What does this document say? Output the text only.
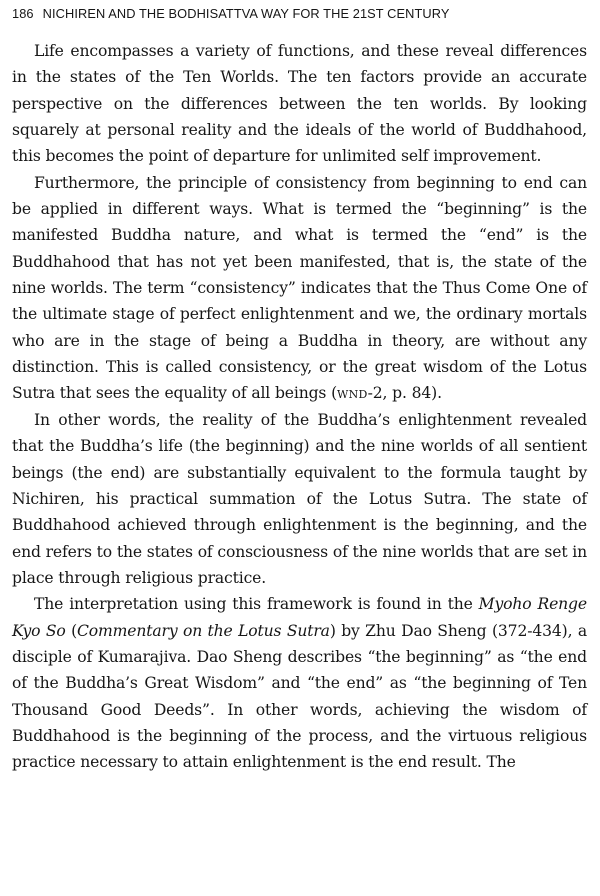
186 NICHIREN AND THE BODHISATTVA WAY FOR THE 21ST CENTURY

Life encompasses a variety of functions, and these reveal differences in the states of the Ten Worlds. The ten factors provide an accurate perspective on the differences between the ten worlds. By looking squarely at personal reality and the ideals of the world of Buddhahood, this becomes the point of departure for unlimited self improvement.

Furthermore, the principle of consistency from beginning to end can be applied in different ways. What is termed the “beginning” is the manifested Buddha nature, and what is termed the “end” is the Buddhahood that has not yet been manifested, that is, the state of the nine worlds. The term “consistency” indicates that the Thus Come One of the ultimate stage of perfect enlightenment and we, the ordinary mortals who are in the stage of being a Buddha in theory, are without any distinction. This is called consistency, or the great wisdom of the Lotus Sutra that sees the equality of all beings (wnd-2, p. 84).

In other words, the reality of the Buddha’s enlightenment revealed that the Buddha’s life (the beginning) and the nine worlds of all sentient beings (the end) are substantially equivalent to the formula taught by Nichiren, his practical summation of the Lotus Sutra. The state of Buddhahood achieved through enlightenment is the beginning, and the end refers to the states of consciousness of the nine worlds that are set in place through religious practice.

The interpretation using this framework is found in the Myoho Renge Kyo So (Commentary on the Lotus Sutra) by Zhu Dao Sheng (372-434), a disciple of Kumarajiva. Dao Sheng describes “the beginning” as “the end of the Buddha’s Great Wisdom” and “the end” as “the beginning of Ten Thousand Good Deeds”. In other words, achieving the wisdom of Buddhahood is the beginning of the process, and the virtuous religious practice necessary to attain enlightenment is the end result. The
